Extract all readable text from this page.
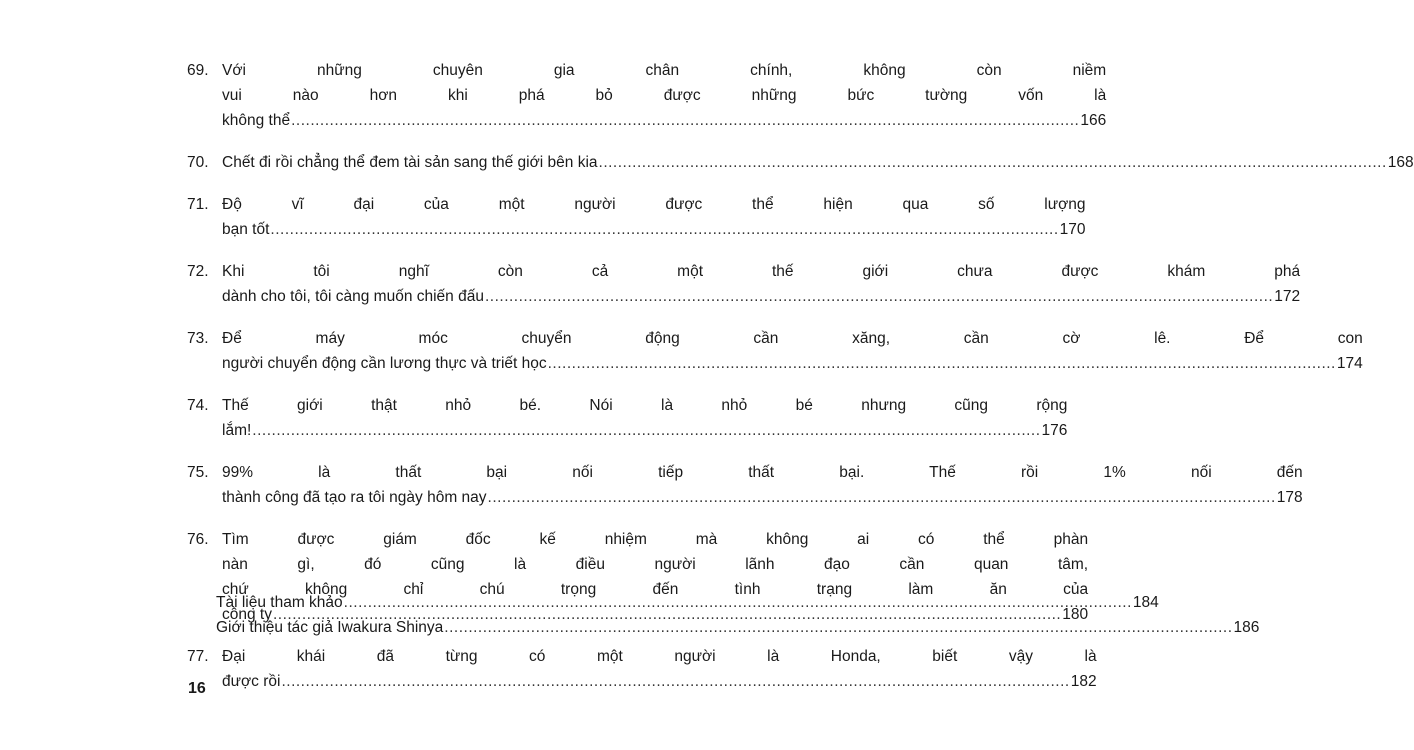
69. Với những chuyên gia chân chính, không còn niềm
vui nào hơn khi phá bỏ được những bức tường vốn là
không thể .....	166
70. Chết đi rồi chẳng thể đem tài sản sang thế giới bên kia .....	168
71. Độ vĩ đại của một người được thể hiện qua số lượng
bạn tốt .....	170
72. Khi tôi nghĩ còn cả một thế giới chưa được khám phá
dành cho tôi, tôi càng muốn chiến đấu .....	172
73. Để máy móc chuyển động cần xăng, cần cờ lê. Để con
người chuyển động cần lương thực và triết học .....	174
74. Thế giới thật nhỏ bé. Nói là nhỏ bé nhưng cũng rộng
lắm! .....	176
75. 99% là thất bại nối tiếp thất bại. Thế rồi 1% nối đến
thành công đã tạo ra tôi ngày hôm nay .....	178
76. Tìm được giám đốc kế nhiệm mà không ai có thể phàn
nàn gì, đó cũng là điều người lãnh đạo cần quan tâm,
chứ không chỉ chú trọng đến tình trạng làm ăn của
công ty .....	180
77. Đại khái đã từng có một người là Honda, biết vậy là
được rồi .....	182
Tài liệu tham khảo .....	184
Giới thiệu tác giả Iwakura Shinya .....	186
16
